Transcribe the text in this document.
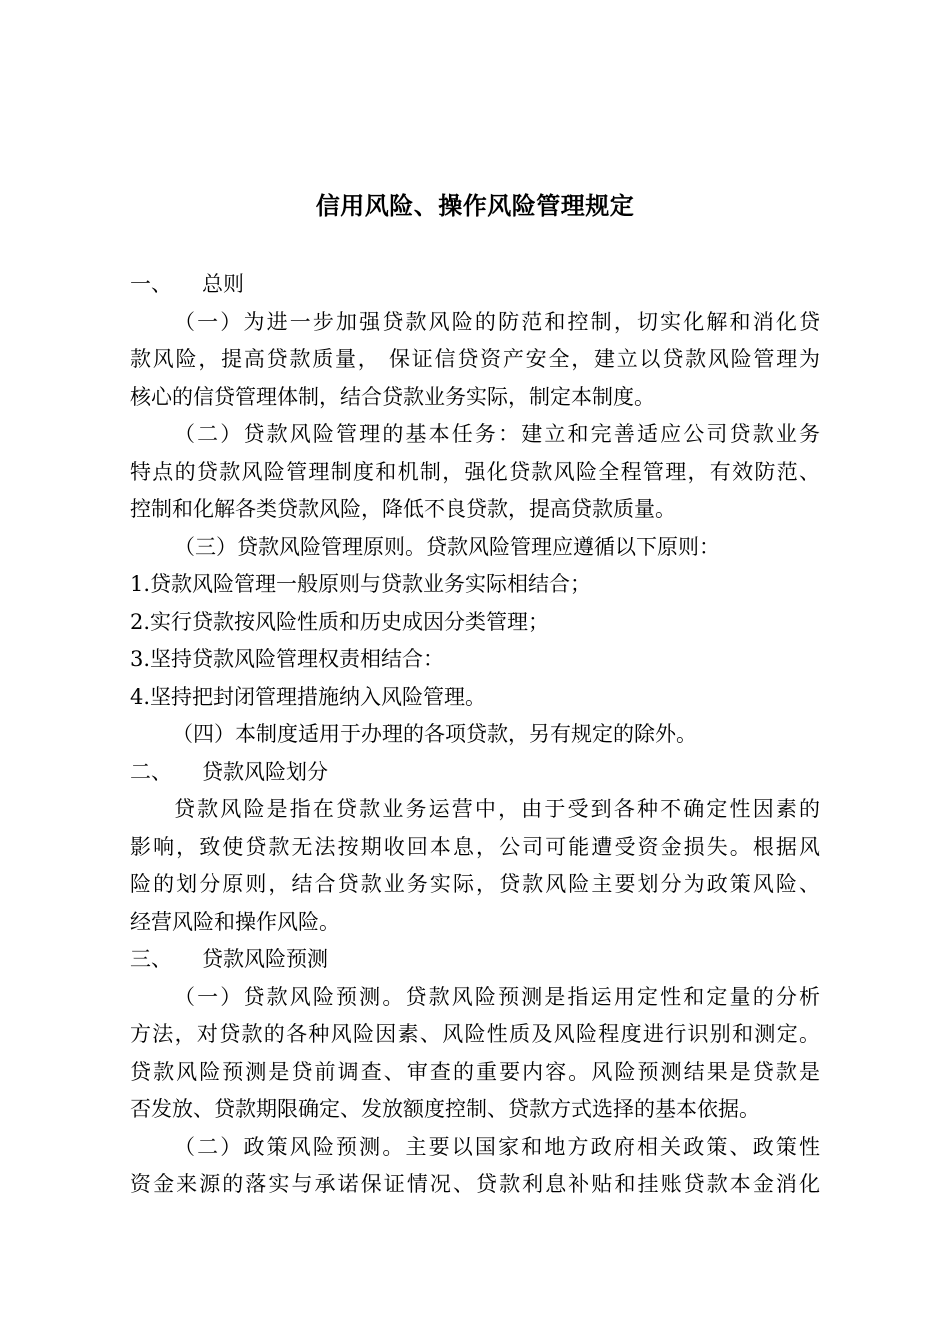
信用风险、操作风险管理规定
一、 总则
（一）为进一步加强贷款风险的防范和控制，切实化解和消化贷
款风险，提高贷款质量， 保证信贷资产安全，建立以贷款风险管理为
核心的信贷管理体制，结合贷款业务实际，制定本制度。
（二）贷款风险管理的基本任务：建立和完善适应公司贷款业务
特点的贷款风险管理制度和机制，强化贷款风险全程管理，有效防范、
控制和化解各类贷款风险，降低不良贷款，提高贷款质量。
（三）贷款风险管理原则。贷款风险管理应遵循以下原则：
1.贷款风险管理一般原则与贷款业务实际相结合；
2.实行贷款按风险性质和历史成因分类管理；
3.坚持贷款风险管理权责相结合：
4.坚持把封闭管理措施纳入风险管理。
（四）本制度适用于办理的各项贷款，另有规定的除外。
二、 贷款风险划分
贷款风险是指在贷款业务运营中，由于受到各种不确定性因素的
影响，致使贷款无法按期收回本息，公司可能遭受资金损失。根据风
险的划分原则，结合贷款业务实际，贷款风险主要划分为政策风险、
经营风险和操作风险。
三、 贷款风险预测
（一）贷款风险预测。贷款风险预测是指运用定性和定量的分析
方法，对贷款的各种风险因素、风险性质及风险程度进行识别和测定。
贷款风险预测是贷前调查、审查的重要内容。风险预测结果是贷款是
否发放、贷款期限确定、发放额度控制、贷款方式选择的基本依据。
（二）政策风险预测。主要以国家和地方政府相关政策、政策性
资金来源的落实与承诺保证情况、贷款利息补贴和挂账贷款本金消化
